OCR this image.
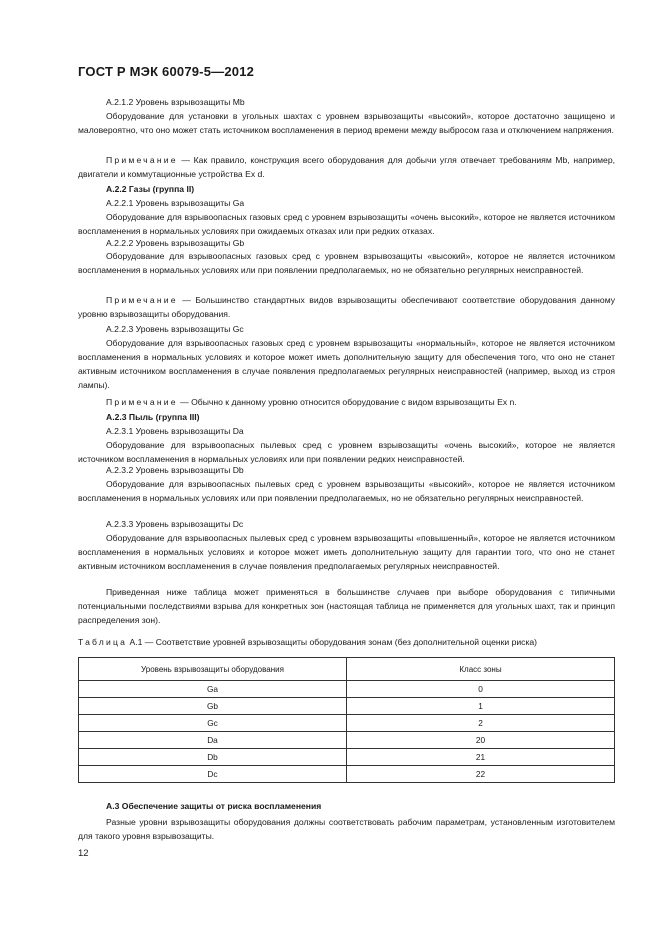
ГОСТ Р МЭК 60079-5—2012
А.2.1.2 Уровень взрывозащиты Mb
Оборудование для установки в угольных шахтах с уровнем взрывозащиты «высокий», которое достаточно защищено и маловероятно, что оно может стать источником воспламенения в период времени между выбросом газа и отключением напряжения.
Примечание — Как правило, конструкция всего оборудования для добычи угля отвечает требованиям Mb, например, двигатели и коммутационные устройства Ex d.
А.2.2 Газы (группа II)
А.2.2.1 Уровень взрывозащиты Ga
Оборудование для взрывоопасных газовых сред с уровнем взрывозащиты «очень высокий», которое не является источником воспламенения в нормальных условиях при ожидаемых отказах или при редких отказах.
А.2.2.2 Уровень взрывозащиты Gb
Оборудование для взрывоопасных газовых сред с уровнем взрывозащиты «высокий», которое не является источником воспламенения в нормальных условиях или при появлении предполагаемых, но не обязательно регулярных неисправностей.
Примечание — Большинство стандартных видов взрывозащиты обеспечивают соответствие оборудования данному уровню взрывозащиты оборудования.
А.2.2.3 Уровень взрывозащиты Gc
Оборудование для взрывоопасных газовых сред с уровнем взрывозащиты «нормальный», которое не является источником воспламенения в нормальных условиях и которое может иметь дополнительную защиту для обеспечения того, что оно не станет активным источником воспламенения в случае появления предполагаемых регулярных неисправностей (например, выход из строя лампы).
Примечание — Обычно к данному уровню относится оборудование с видом взрывозащиты Ex n.
А.2.3 Пыль (группа III)
А.2.3.1 Уровень взрывозащиты Da
Оборудование для взрывоопасных пылевых сред с уровнем взрывозащиты «очень высокий», которое не является источником воспламенения в нормальных условиях или при появлении редких неисправностей.
А.2.3.2 Уровень взрывозащиты Db
Оборудование для взрывоопасных пылевых сред с уровнем взрывозащиты «высокий», которое не является источником воспламенения в нормальных условиях или при появлении предполагаемых, но не обязательно регулярных неисправностей.
А.2.3.3 Уровень взрывозащиты Dc
Оборудование для взрывоопасных пылевых сред с уровнем взрывозащиты «повышенный», которое не является источником воспламенения в нормальных условиях и которое может иметь дополнительную защиту для гарантии того, что оно не станет активным источником воспламенения в случае появления предполагаемых регулярных неисправностей.
Приведенная ниже таблица может применяться в большинстве случаев при выборе оборудования с типичными потенциальными последствиями взрыва для конкретных зон (настоящая таблица не применяется для угольных шахт, так и принцип распределения зон).
Таблица А.1 — Соответствие уровней взрывозащиты оборудования зонам (без дополнительной оценки риска)
Уровень взрывозащиты оборудования	Класс зоны
Ga	0
Gb	1
Gc	2
Da	20
Db	21
Dc	22
А.3 Обеспечение защиты от риска воспламенения
Разные уровни взрывозащиты оборудования должны соответствовать рабочим параметрам, установленным изготовителем для такого уровня взрывозащиты.
12
